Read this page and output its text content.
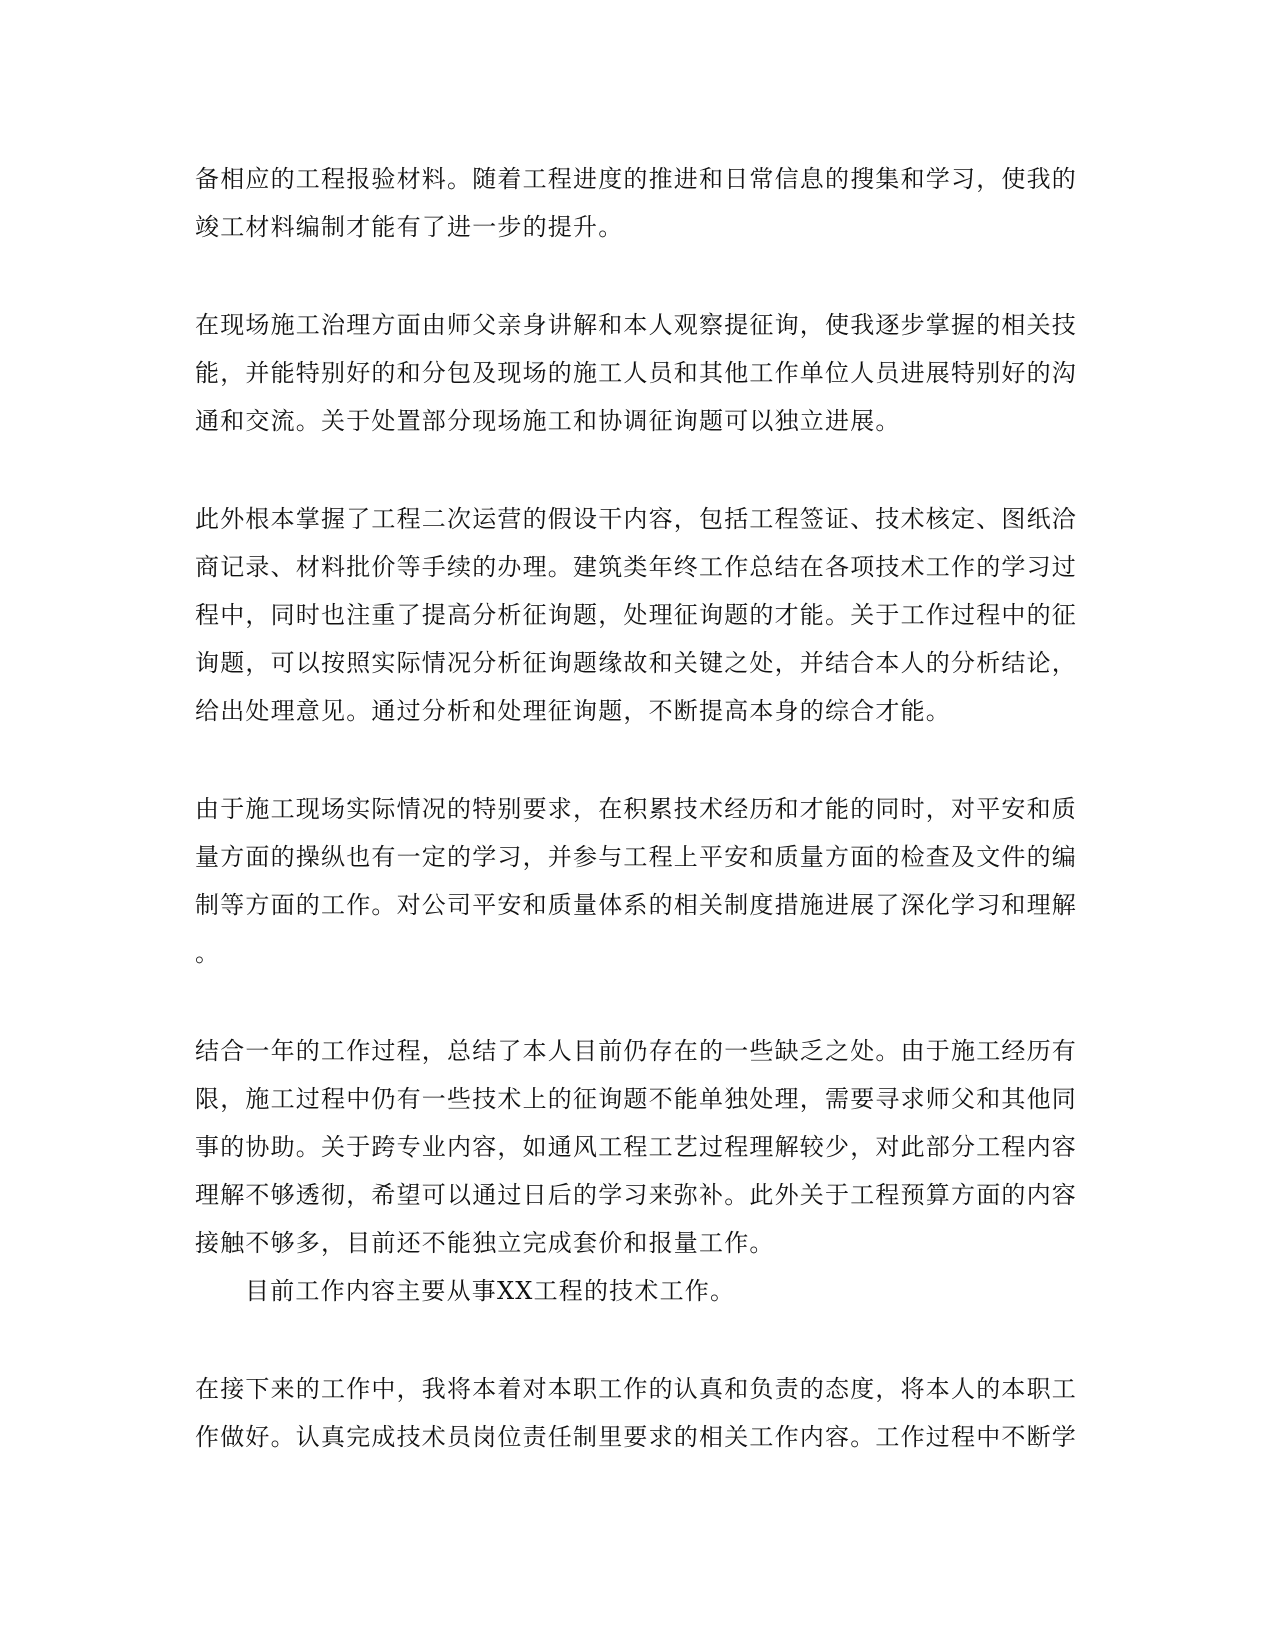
备相应的工程报验材料。随着工程进度的推进和日常信息的搜集和学习，使我的
竣工材料编制才能有了进一步的提升。
在现场施工治理方面由师父亲身讲解和本人观察提征询，使我逐步掌握的相关技
能，并能特别好的和分包及现场的施工人员和其他工作单位人员进展特别好的沟
通和交流。关于处置部分现场施工和协调征询题可以独立进展。
此外根本掌握了工程二次运营的假设干内容，包括工程签证、技术核定、图纸洽
商记录、材料批价等手续的办理。建筑类年终工作总结在各项技术工作的学习过
程中，同时也注重了提高分析征询题，处理征询题的才能。关于工作过程中的征
询题，可以按照实际情况分析征询题缘故和关键之处，并结合本人的分析结论，
给出处理意见。通过分析和处理征询题，不断提高本身的综合才能。
由于施工现场实际情况的特别要求，在积累技术经历和才能的同时，对平安和质
量方面的操纵也有一定的学习，并参与工程上平安和质量方面的检查及文件的编
制等方面的工作。对公司平安和质量体系的相关制度措施进展了深化学习和理解
。
结合一年的工作过程，总结了本人目前仍存在的一些缺乏之处。由于施工经历有
限，施工过程中仍有一些技术上的征询题不能单独处理，需要寻求师父和其他同
事的协助。关于跨专业内容，如通风工程工艺过程理解较少，对此部分工程内容
理解不够透彻，希望可以通过日后的学习来弥补。此外关于工程预算方面的内容
接触不够多，目前还不能独立完成套价和报量工作。
目前工作内容主要从事XX工程的技术工作。
在接下来的工作中，我将本着对本职工作的认真和负责的态度，将本人的本职工
作做好。认真完成技术员岗位责任制里要求的相关工作内容。工作过程中不断学
